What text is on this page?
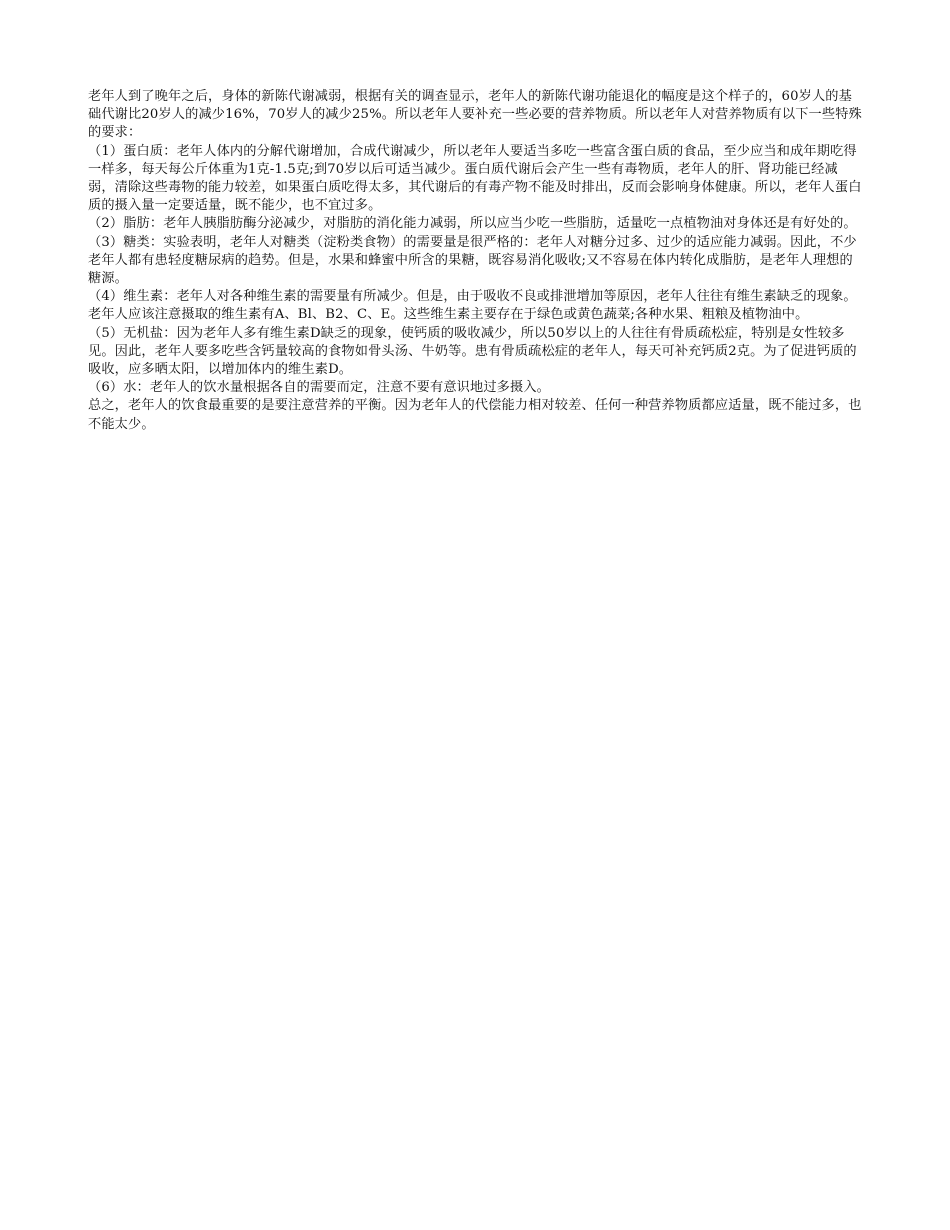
老年人到了晚年之后，身体的新陈代谢减弱，根据有关的调查显示，老年人的新陈代谢功能退化的幅度是这个样子的，60岁人的基础代谢比20岁人的减少16%，70岁人的减少25%。所以老年人要补充一些必要的营养物质。所以老年人对营养物质有以下一些特殊的要求：

（1）蛋白质：老年人体内的分解代谢增加，合成代谢减少，所以老年人要适当多吃一些富含蛋白质的食品，至少应当和成年期吃得一样多，每天每公斤体重为1克-1.5克;到70岁以后可适当减少。蛋白质代谢后会产生一些有毒物质，老年人的肝、肾功能已经减弱，清除这些毒物的能力较差，如果蛋白质吃得太多，其代谢后的有毒产物不能及时排出，反而会影响身体健康。所以，老年人蛋白质的摄入量一定要适量，既不能少，也不宜过多。

（2）脂肪：老年人胰脂肪酶分泌减少，对脂肪的消化能力减弱，所以应当少吃一些脂肪，适量吃一点植物油对身体还是有好处的。

（3）糖类：实验表明，老年人对糖类（淀粉类食物）的需要量是很严格的：老年人对糖分过多、过少的适应能力减弱。因此，不少老年人都有患轻度糖尿病的趋势。但是，水果和蜂蜜中所含的果糖，既容易消化吸收;又不容易在体内转化成脂肪，是老年人理想的糖源。

（4）维生素：老年人对各种维生素的需要量有所减少。但是，由于吸收不良或排泄增加等原因，老年人往往有维生素缺乏的现象。老年人应该注意摄取的维生素有A、Bl、B2、C、E。这些维生素主要存在于绿色或黄色蔬菜;各种水果、粗粮及植物油中。

（5）无机盐：因为老年人多有维生素D缺乏的现象，使钙质的吸收减少，所以50岁以上的人往往有骨质疏松症，特别是女性较多见。因此，老年人要多吃些含钙量较高的食物如骨头汤、牛奶等。患有骨质疏松症的老年人，每天可补充钙质2克。为了促进钙质的吸收，应多晒太阳，以增加体内的维生素D。

（6）水：老年人的饮水量根据各自的需要而定，注意不要有意识地过多摄入。

总之，老年人的饮食最重要的是要注意营养的平衡。因为老年人的代偿能力相对较差、任何一种营养物质都应适量，既不能过多，也不能太少。
